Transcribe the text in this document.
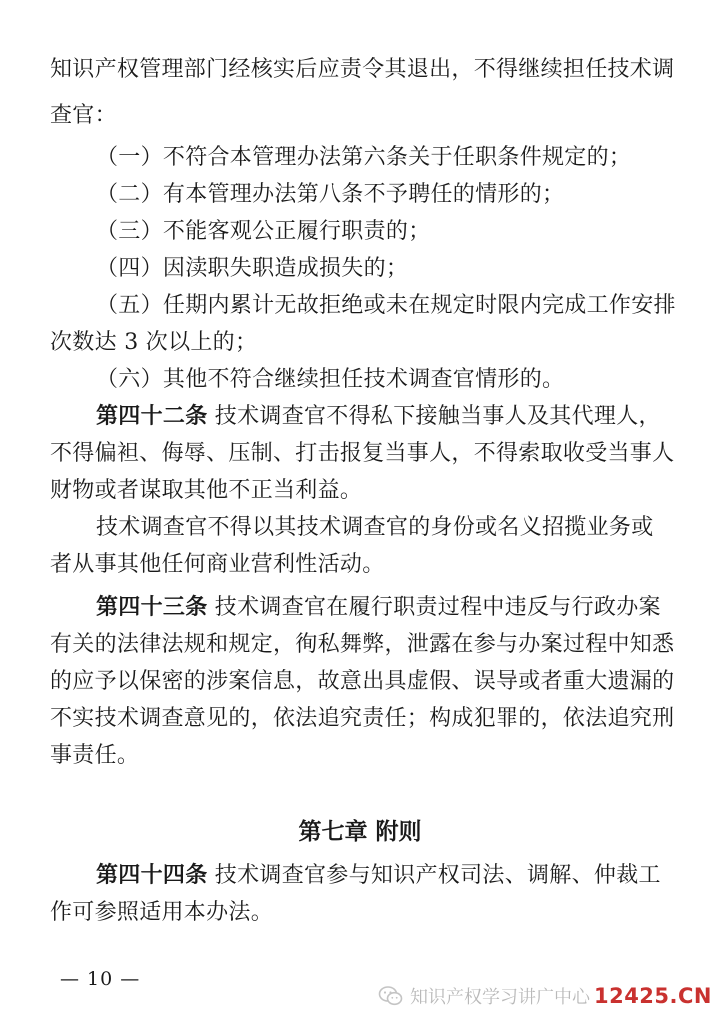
知识产权管理部门经核实后应责令其退出，不得继续担任技术调
查官：
（一）不符合本管理办法第六条关于任职条件规定的；
（二）有本管理办法第八条不予聘任的情形的；
（三）不能客观公正履行职责的；
（四）因渎职失职造成损失的；
（五）任期内累计无故拒绝或未在规定时限内完成工作安排
次数达 3 次以上的；
（六）其他不符合继续担任技术调查官情形的。
第四十二条 技术调查官不得私下接触当事人及其代理人，
不得偏袒、侮辱、压制、打击报复当事人，不得索取收受当事人
财物或者谋取其他不正当利益。
技术调查官不得以其技术调查官的身份或名义招揽业务或
者从事其他任何商业营利性活动。
第四十三条 技术调查官在履行职责过程中违反与行政办案
有关的法律法规和规定，徇私舞弊，泄露在参与办案过程中知悉
的应予以保密的涉案信息，故意出具虚假、误导或者重大遗漏的
不实技术调查意见的，依法追究责任；构成犯罪的，依法追究刑
事责任。
第七章 附则
第四十四条 技术调查官参与知识产权司法、调解、仲裁工
作可参照适用本办法。
— 10 —
知识产权学习讲广中心 12425.CN
